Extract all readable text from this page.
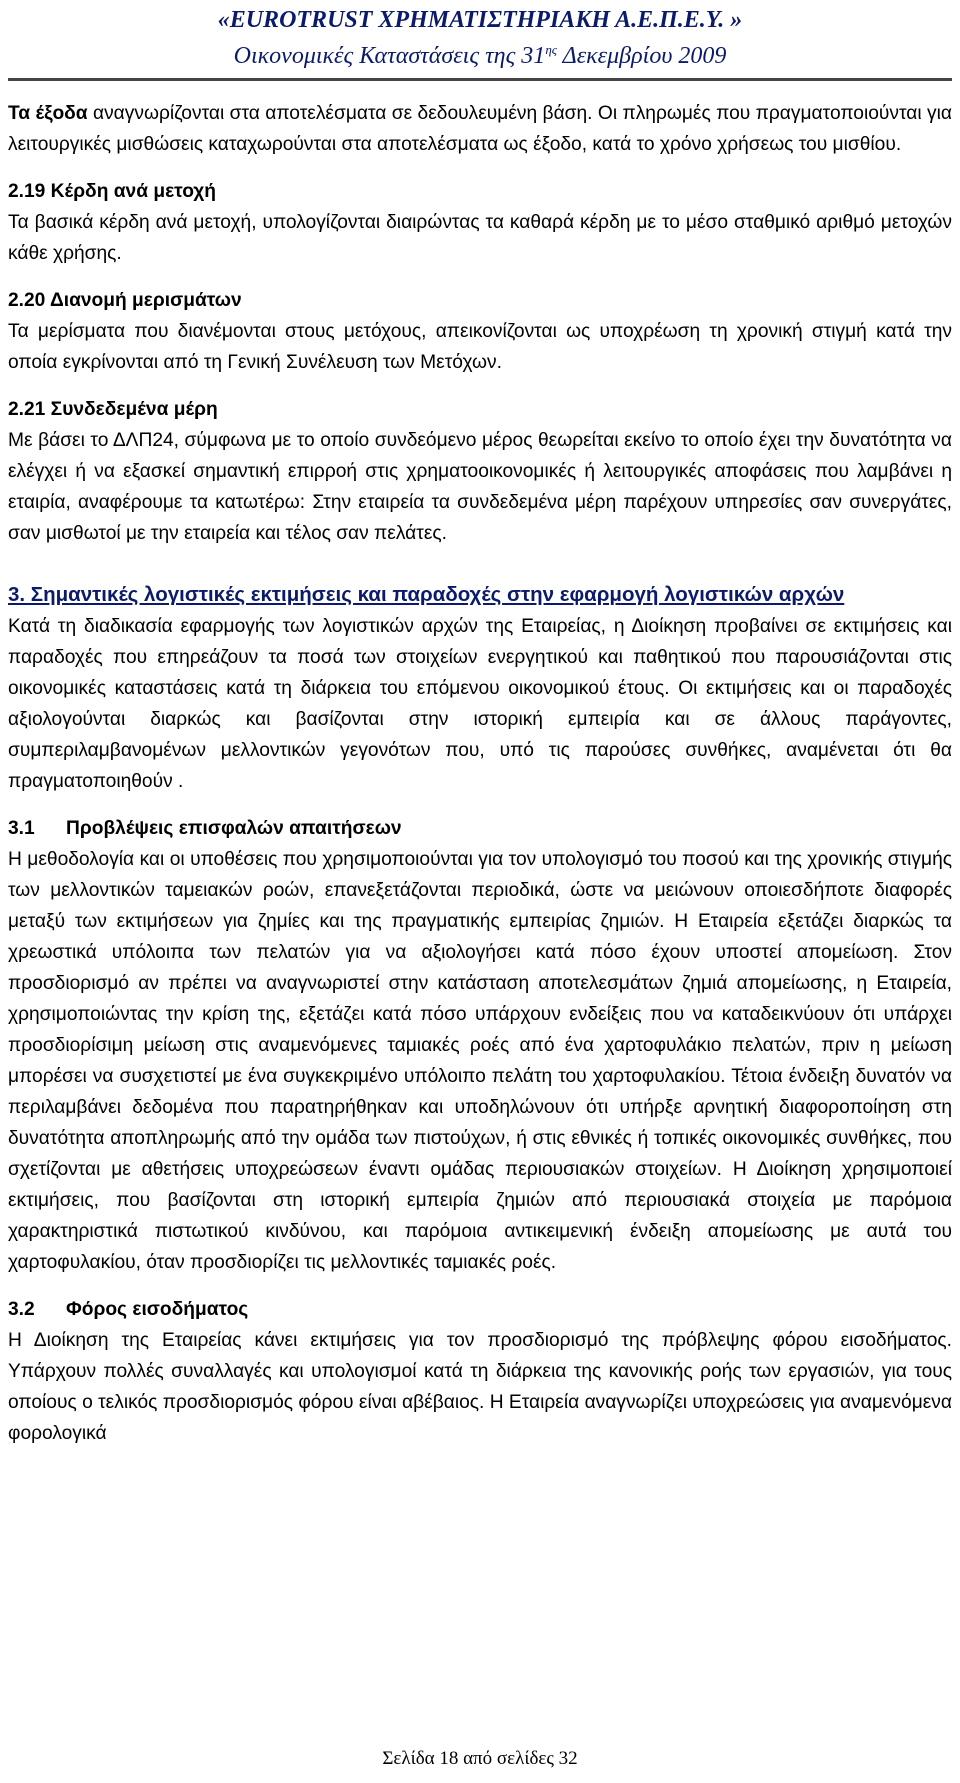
«EUROTRUST ΧΡΗΜΑΤΙΣΤΗΡΙΑΚΗ Α.Ε.Π.Ε.Υ. »
Οικονομικές Καταστάσεις της $31^{\eta\varsigma}$ Δεκεμβρίου 2009
Τα έξοδα αναγνωρίζονται στα αποτελέσματα σε δεδουλευμένη βάση. Οι πληρωμές που πραγματοποιούνται για λειτουργικές μισθώσεις καταχωρούνται στα αποτελέσματα ως έξοδο, κατά το χρόνο χρήσεως του μισθίου.
2.19 Κέρδη ανά μετοχή
Τα βασικά κέρδη ανά μετοχή, υπολογίζονται διαιρώντας τα καθαρά κέρδη με το μέσο σταθμικό αριθμό μετοχών κάθε χρήσης.
2.20 Διανομή μερισμάτων
Τα μερίσματα που διανέμονται στους μετόχους, απεικονίζονται ως υποχρέωση τη χρονική στιγμή κατά την οποία εγκρίνονται από τη Γενική Συνέλευση των Μετόχων.
2.21 Συνδεδεμένα μέρη
Με βάσει το ΔΛΠ24, σύμφωνα με το οποίο συνδεόμενο μέρος θεωρείται εκείνο το οποίο έχει την δυνατότητα να ελέγχει ή να εξασκεί σημαντική επιρροή στις χρηματοοικονομικές ή λειτουργικές αποφάσεις που λαμβάνει η εταιρία, αναφέρουμε τα κατωτέρω: Στην εταιρεία τα συνδεδεμένα μέρη παρέχουν υπηρεσίες σαν συνεργάτες, σαν μισθωτοί με την εταιρεία και τέλος σαν πελάτες.
3. Σημαντικές λογιστικές εκτιμήσεις και παραδοχές στην εφαρμογή λογιστικών αρχών
Κατά τη διαδικασία εφαρμογής των λογιστικών αρχών της Εταιρείας, η Διοίκηση προβαίνει σε εκτιμήσεις και παραδοχές που επηρεάζουν τα ποσά των στοιχείων ενεργητικού και παθητικού που παρουσιάζονται στις οικονομικές καταστάσεις κατά τη διάρκεια του επόμενου οικονομικού έτους. Οι εκτιμήσεις και οι παραδοχές αξιολογούνται διαρκώς και βασίζονται στην ιστορική εμπειρία και σε άλλους παράγοντες, συμπεριλαμβανομένων μελλοντικών γεγονότων που, υπό τις παρούσες συνθήκες, αναμένεται ότι θα πραγματοποιηθούν .
3.1 Προβλέψεις επισφαλών απαιτήσεων
Η μεθοδολογία και οι υποθέσεις που χρησιμοποιούνται για τον υπολογισμό του ποσού και της χρονικής στιγμής των μελλοντικών ταμειακών ροών, επανεξετάζονται περιοδικά, ώστε να μειώνουν οποιεσδήποτε διαφορές μεταξύ των εκτιμήσεων για ζημίες και της πραγματικής εμπειρίας ζημιών. Η Εταιρεία εξετάζει διαρκώς τα χρεωστικά υπόλοιπα των πελατών για να αξιολογήσει κατά πόσο έχουν υποστεί απομείωση. Στον προσδιορισμό αν πρέπει να αναγνωριστεί στην κατάσταση αποτελεσμάτων ζημιά απομείωσης, η Εταιρεία, χρησιμοποιώντας την κρίση της, εξετάζει κατά πόσο υπάρχουν ενδείξεις που να καταδεικνύουν ότι υπάρχει προσδιορίσιμη μείωση στις αναμενόμενες ταμιακές ροές από ένα χαρτοφυλάκιο πελατών, πριν η μείωση μπορέσει να συσχετιστεί με ένα συγκεκριμένο υπόλοιπο πελάτη του χαρτοφυλακίου. Τέτοια ένδειξη δυνατόν να περιλαμβάνει δεδομένα που παρατηρήθηκαν και υποδηλώνουν ότι υπήρξε αρνητική διαφοροποίηση στη δυνατότητα αποπληρωμής από την ομάδα των πιστούχων, ή στις εθνικές ή τοπικές οικονομικές συνθήκες, που σχετίζονται με αθετήσεις υποχρεώσεων έναντι ομάδας περιουσιακών στοιχείων. Η Διοίκηση χρησιμοποιεί εκτιμήσεις, που βασίζονται στη ιστορική εμπειρία ζημιών από περιουσιακά στοιχεία με παρόμοια χαρακτηριστικά πιστωτικού κινδύνου, και παρόμοια αντικειμενική ένδειξη απομείωσης με αυτά του χαρτοφυλακίου, όταν προσδιορίζει τις μελλοντικές ταμιακές ροές.
3.2 Φόρος εισοδήματος
Η Διοίκηση της Εταιρείας κάνει εκτιμήσεις για τον προσδιορισμό της πρόβλεψης φόρου εισοδήματος. Υπάρχουν πολλές συναλλαγές και υπολογισμοί κατά τη διάρκεια της κανονικής ροής των εργασιών, για τους οποίους ο τελικός προσδιορισμός φόρου είναι αβέβαιος. Η Εταιρεία αναγνωρίζει υποχρεώσεις για αναμενόμενα φορολογικά
Σελίδα 18 από σελίδες 32
